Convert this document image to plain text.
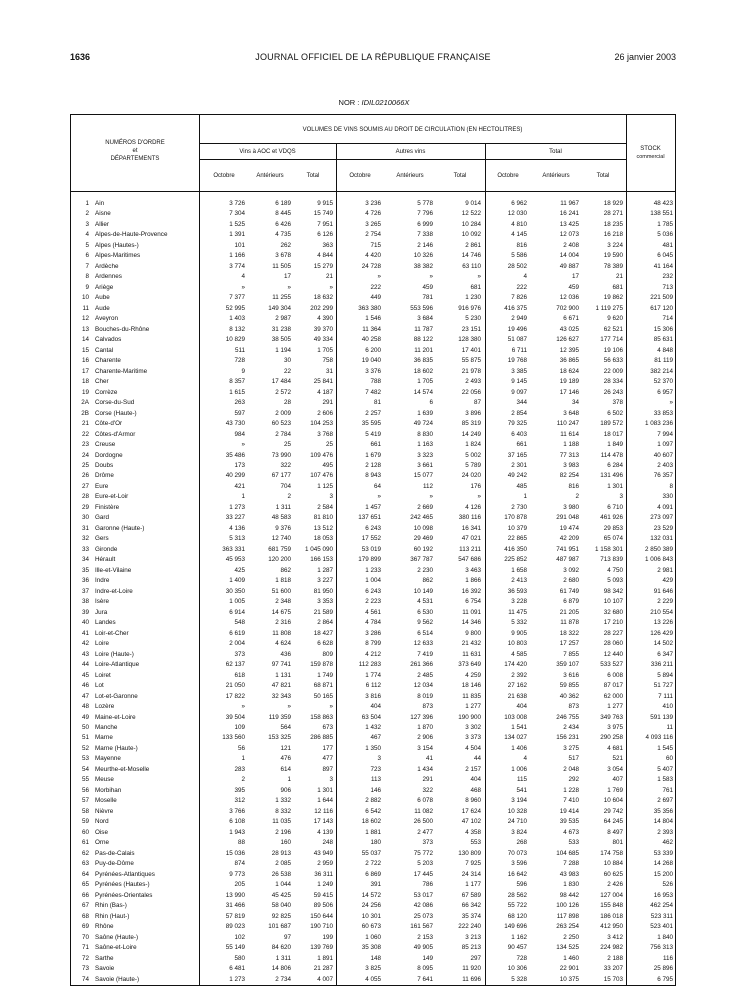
1636	JOURNAL OFFICIEL DE LA RÉPUBLIQUE FRANÇAISE	26 janvier 2003
NOR : IDIL0210066X
NUMÉROS D'ORDRE
et
DÉPARTEMENTS
VOLUMES DE VINS SOUMIS AU DROIT DE CIRCULATION (EN HECTOLITRES)
Vins à AOC et VDQS	Autres vins	Total	STOCK
commercial
Octobre	Antérieurs	Total	Octobre	Antérieurs	Total	Octobre	Antérieurs	Total
1 Ain	3 726	6 189	9 915	3 236	5 778	9 014	6 962	11 967	18 929	48 423
2 Aisne	7 304	8 445	15 749	4 726	7 796	12 522	12 030	16 241	28 271	138 551
3 Allier	1 525	6 426	7 951	3 265	6 999	10 284	4 810	13 425	18 235	1 785
4 Alpes-de-Haute-Provence	1 391	4 735	6 126	2 754	7 338	10 092	4 145	12 073	16 218	5 036
5 Alpes (Hautes-)	101	262	363	715	2 146	2 861	816	2 408	3 224	481
6 Alpes-Maritimes	1 166	3 678	4 844	4 420	10 326	14 746	5 586	14 004	19 590	6 045
7 Ardèche	3 774	11 505	15 279	24 728	38 382	63 110	28 502	49 887	78 389	41 164
8 Ardennes	4	17	21	»	»	»	4	17	21	232
9 Ariège	»	»	»	222	459	681	222	459	681	713
10 Aube	7 377	11 255	18 632	449	781	1 230	7 826	12 036	19 862	221 509
11 Aude	52 995	149 304	202 299	363 380	553 596	916 976	416 375	702 900	1 119 275	617 120
12 Aveyron	1 403	2 987	4 390	1 546	3 684	5 230	2 949	6 671	9 620	714
13 Bouches-du-Rhône	8 132	31 238	39 370	11 364	11 787	23 151	19 496	43 025	62 521	15 306
14 Calvados	10 829	38 505	49 334	40 258	88 122	128 380	51 087	126 627	177 714	85 631
15 Cantal	511	1 194	1 705	6 200	11 201	17 401	6 711	12 395	19 106	4 848
16 Charente	728	30	758	19 040	36 835	55 875	19 768	36 865	56 633	81 119
17 Charente-Maritime	9	22	31	3 376	18 602	21 978	3 385	18 624	22 009	382 214
18 Cher	8 357	17 484	25 841	788	1 705	2 493	9 145	19 189	28 334	52 370
19 Corrèze	1 615	2 572	4 187	7 482	14 574	22 056	9 097	17 146	26 243	6 957
2A Corse-du-Sud	263	28	291	81	6	87	344	34	378	»
2B Corse (Haute-)	597	2 009	2 606	2 257	1 639	3 896	2 854	3 648	6 502	33 853
21 Côte-d'Or	43 730	60 523	104 253	35 595	49 724	85 319	79 325	110 247	189 572	1 083 236
22 Côtes-d'Armor	984	2 784	3 768	5 419	8 830	14 249	6 403	11 614	18 017	7 994
23 Creuse	»	25	25	661	1 163	1 824	661	1 188	1 849	1 097
24 Dordogne	35 486	73 990	109 476	1 679	3 323	5 002	37 165	77 313	114 478	40 607
25 Doubs	173	322	495	2 128	3 661	5 789	2 301	3 983	6 284	2 403
26 Drôme	40 299	67 177	107 476	8 943	15 077	24 020	49 242	82 254	131 496	76 357
27 Eure	421	704	1 125	64	112	176	485	816	1 301	8
28 Eure-et-Loir	1	2	3	»	»	»	1	2	3	330
29 Finistère	1 273	1 311	2 584	1 457	2 669	4 126	2 730	3 980	6 710	4 091
30 Gard	33 227	48 583	81 810	137 651	242 465	380 116	170 878	291 048	461 926	273 097
31 Garonne (Haute-)	4 136	9 376	13 512	6 243	10 098	16 341	10 379	19 474	29 853	23 529
32 Gers	5 313	12 740	18 053	17 552	29 469	47 021	22 865	42 209	65 074	132 031
33 Gironde	363 331	681 759	1 045 090	53 019	60 192	113 211	416 350	741 951	1 158 301	2 850 389
34 Hérault	45 953	120 200	166 153	179 899	367 787	547 686	225 852	487 987	713 839	1 006 843
35 Ille-et-Vilaine	425	862	1 287	1 233	2 230	3 463	1 658	3 092	4 750	2 981
36 Indre	1 409	1 818	3 227	1 004	862	1 866	2 413	2 680	5 093	429
37 Indre-et-Loire	30 350	51 600	81 950	6 243	10 149	16 392	36 593	61 749	98 342	91 646
38 Isère	1 005	2 348	3 353	2 223	4 531	6 754	3 228	6 879	10 107	2 229
39 Jura	6 914	14 675	21 589	4 561	6 530	11 091	11 475	21 205	32 680	210 554
40 Landes	548	2 316	2 864	4 784	9 562	14 346	5 332	11 878	17 210	13 226
41 Loir-et-Cher	6 619	11 808	18 427	3 286	6 514	9 800	9 905	18 322	28 227	126 429
42 Loire	2 004	4 624	6 628	8 799	12 633	21 432	10 803	17 257	28 060	14 502
43 Loire (Haute-)	373	436	809	4 212	7 419	11 631	4 585	7 855	12 440	6 347
44 Loire-Atlantique	62 137	97 741	159 878	112 283	261 366	373 649	174 420	359 107	533 527	336 211
45 Loiret	618	1 131	1 749	1 774	2 485	4 259	2 392	3 616	6 008	5 894
46 Lot	21 050	47 821	68 871	6 112	12 034	18 146	27 162	59 855	87 017	51 727
47 Lot-et-Garonne	17 822	32 343	50 165	3 816	8 019	11 835	21 638	40 362	62 000	7 111
48 Lozère	»	»	»	404	873	1 277	404	873	1 277	410
49 Maine-et-Loire	39 504	119 359	158 863	63 504	127 396	190 900	103 008	246 755	349 763	591 139
50 Manche	109	564	673	1 432	1 870	3 302	1 541	2 434	3 975	11
51 Marne	133 560	153 325	286 885	467	2 906	3 373	134 027	156 231	290 258	4 093 116
52 Marne (Haute-)	56	121	177	1 350	3 154	4 504	1 406	3 275	4 681	1 545
53 Mayenne	1	476	477	3	41	44	4	517	521	60
54 Meurthe-et-Moselle	283	614	897	723	1 434	2 157	1 006	2 048	3 054	5 407
55 Meuse	2	1	3	113	291	404	115	292	407	1 583
56 Morbihan	395	906	1 301	146	322	468	541	1 228	1 769	761
57 Moselle	312	1 332	1 644	2 882	6 078	8 960	3 194	7 410	10 604	2 697
58 Nièvre	3 766	8 332	12 116	6 542	11 082	17 624	10 328	19 414	29 742	35 356
59 Nord	6 108	11 035	17 143	18 602	26 500	47 102	24 710	39 535	64 245	14 804
60 Oise	1 943	2 196	4 139	1 881	2 477	4 358	3 824	4 673	8 497	2 393
61 Orne	88	160	248	180	373	553	268	533	801	462
62 Pas-de-Calais	15 036	28 913	43 949	55 037	75 772	130 809	70 073	104 685	174 758	53 339
63 Puy-de-Dôme	874	2 085	2 959	2 722	5 203	7 925	3 596	7 288	10 884	14 268
64 Pyrénées-Atlantiques	9 773	26 538	36 311	6 869	17 445	24 314	16 642	43 983	60 625	15 200
65 Pyrénées (Hautes-)	205	1 044	1 249	391	786	1 177	596	1 830	2 426	526
66 Pyrénées-Orientales	13 990	45 425	59 415	14 572	53 017	67 589	28 562	98 442	127 004	16 953
67 Rhin (Bas-)	31 466	58 040	89 506	24 256	42 086	66 342	55 722	100 126	155 848	462 254
68 Rhin (Haut-)	57 819	92 825	150 644	10 301	25 073	35 374	68 120	117 898	186 018	523 311
69 Rhône	89 023	101 687	190 710	60 673	161 567	222 240	149 696	263 254	412 950	523 401
70 Saône (Haute-)	102	97	199	1 060	2 153	3 213	1 162	2 250	3 412	1 840
71 Saône-et-Loire	55 149	84 620	139 769	35 308	49 905	85 213	90 457	134 525	224 982	756 313
72 Sarthe	580	1 311	1 891	148	149	297	728	1 460	2 188	116
73 Savoie	6 481	14 806	21 287	3 825	8 095	11 920	10 306	22 901	33 207	25 896
74 Savoie (Haute-)	1 273	2 734	4 007	4 055	7 641	11 696	5 328	10 375	15 703	6 795
